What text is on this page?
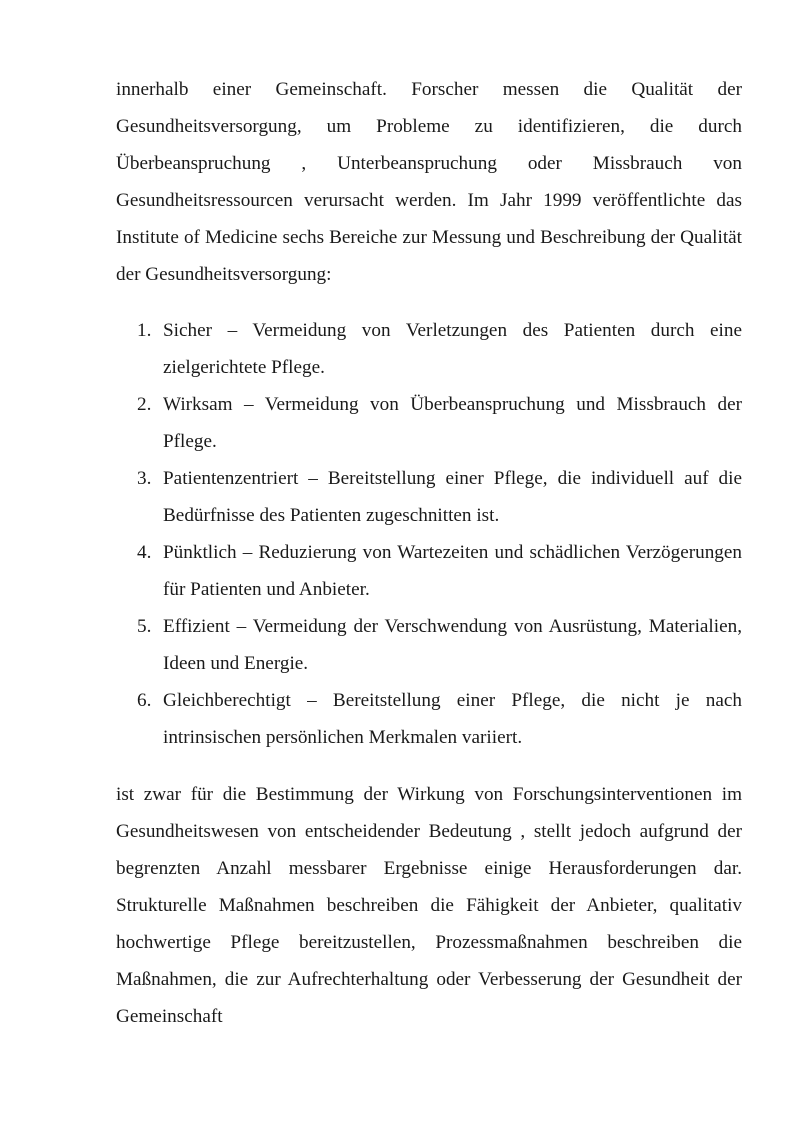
innerhalb einer Gemeinschaft. Forscher messen die Qualität der Gesundheitsversorgung, um Probleme zu identifizieren, die durch Überbeanspruchung , Unterbeanspruchung oder Missbrauch von Gesundheitsressourcen verursacht werden. Im Jahr 1999 veröffentlichte das Institute of Medicine sechs Bereiche zur Messung und Beschreibung der Qualität der Gesundheitsversorgung:

1. Sicher – Vermeidung von Verletzungen des Patienten durch eine zielgerichtete Pflege.
2. Wirksam – Vermeidung von Überbeanspruchung und Missbrauch der Pflege.
3. Patientenzentriert – Bereitstellung einer Pflege, die individuell auf die Bedürfnisse des Patienten zugeschnitten ist.
4. Pünktlich – Reduzierung von Wartezeiten und schädlichen Verzögerungen für Patienten und Anbieter.
5. Effizient – Vermeidung der Verschwendung von Ausrüstung, Materialien, Ideen und Energie.
6. Gleichberechtigt – Bereitstellung einer Pflege, die nicht je nach intrinsischen persönlichen Merkmalen variiert.

ist zwar für die Bestimmung der Wirkung von Forschungsinterventionen im Gesundheitswesen von entscheidender Bedeutung , stellt jedoch aufgrund der begrenzten Anzahl messbarer Ergebnisse einige Herausforderungen dar. Strukturelle Maßnahmen beschreiben die Fähigkeit der Anbieter, qualitativ hochwertige Pflege bereitzustellen, Prozessmaßnahmen beschreiben die Maßnahmen, die zur Aufrechterhaltung oder Verbesserung der Gesundheit der Gemeinschaft
